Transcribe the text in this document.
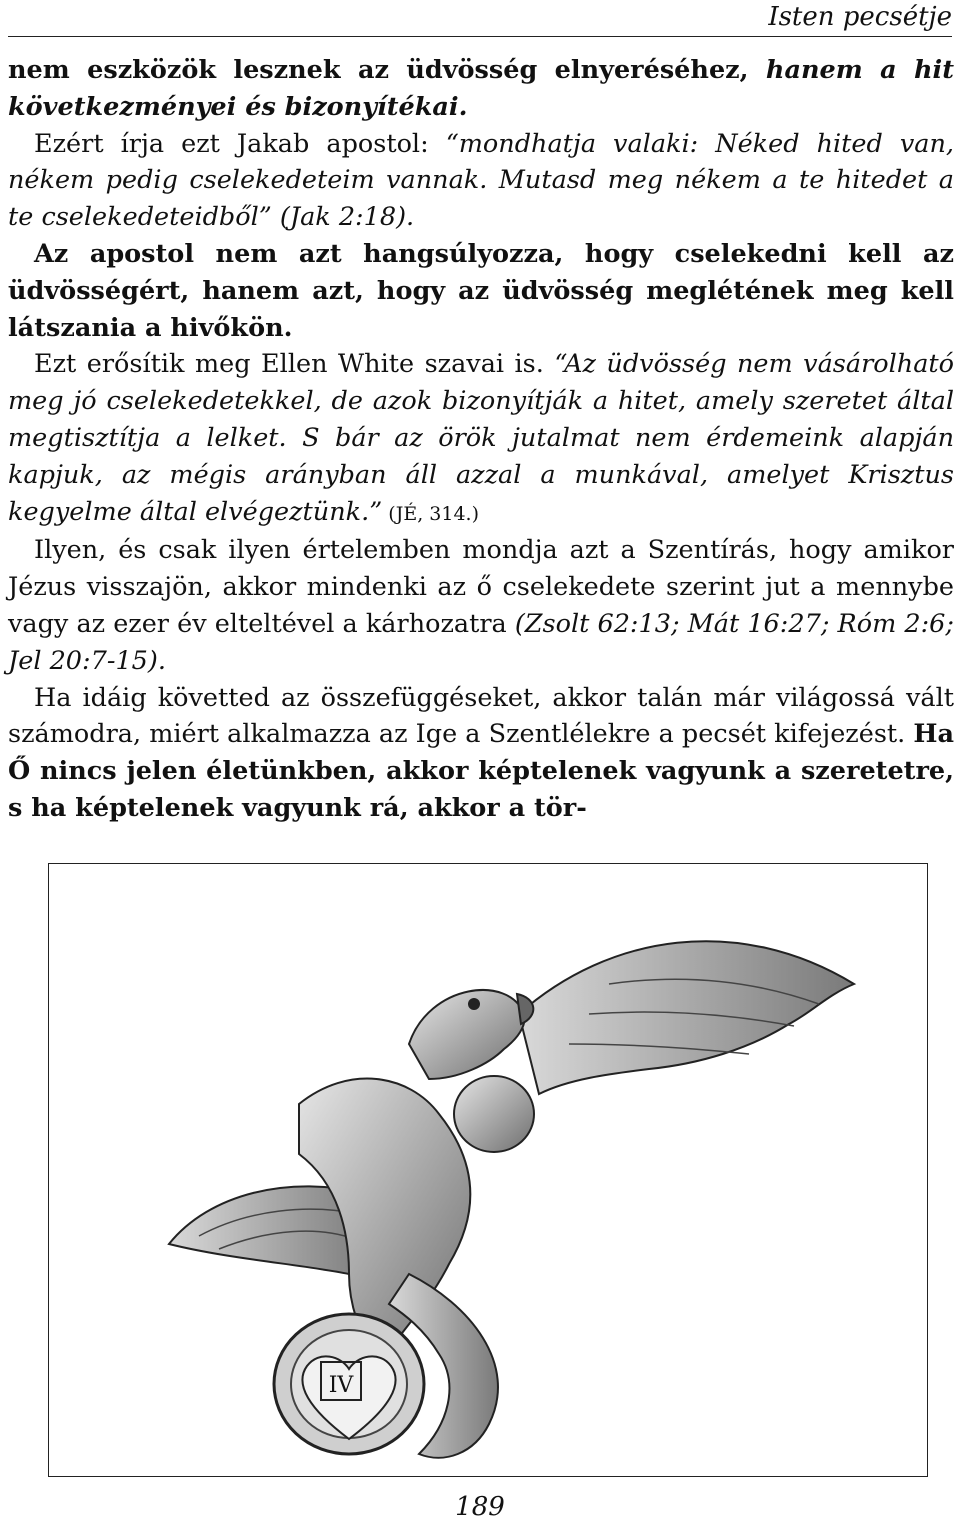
Isten pecsétje

nem eszközök lesznek az üdvösség elnyeréséhez, hanem a hit következményei és bizonyítékai.

Ezért írja ezt Jakab apostol: “mondhatja valaki: Néked hited van, nékem pedig cselekedeteim vannak. Mutasd meg nékem a te hitedet a te cselekedeteidből” (Jak 2:18).

Az apostol nem azt hangsúlyozza, hogy cselekedni kell az üdvösségért, hanem azt, hogy az üdvösség meglétének meg kell látszania a hivőkön.

Ezt erősítik meg Ellen White szavai is. “Az üdvösség nem vásárolható meg jó cselekedetekkel, de azok bizonyítják a hitet, amely szeretet által megtisztítja a lelket. S bár az örök jutalmat nem érdemeink alapján kapjuk, az mégis arányban áll azzal a munkával, amelyet Krisztus kegyelme által elvégeztünk.” (JÉ, 314.)

Ilyen, és csak ilyen értelemben mondja azt a Szentírás, hogy amikor Jézus visszajön, akkor mindenki az ő cselekedete szerint jut a mennybe vagy az ezer év elteltével a kárhozatra (Zsolt 62:13; Mát 16:27; Róm 2:6; Jel 20:7-15).

Ha idáig követted az összefüggéseket, akkor talán már világossá vált számodra, miért alkalmazza az Ige a Szentlélekre a pecsét kifejezést. Ha Ő nincs jelen életünkben, akkor képtelenek vagyunk a szeretetre, s ha képtelenek vagyunk rá, akkor a tör-

IV
189
